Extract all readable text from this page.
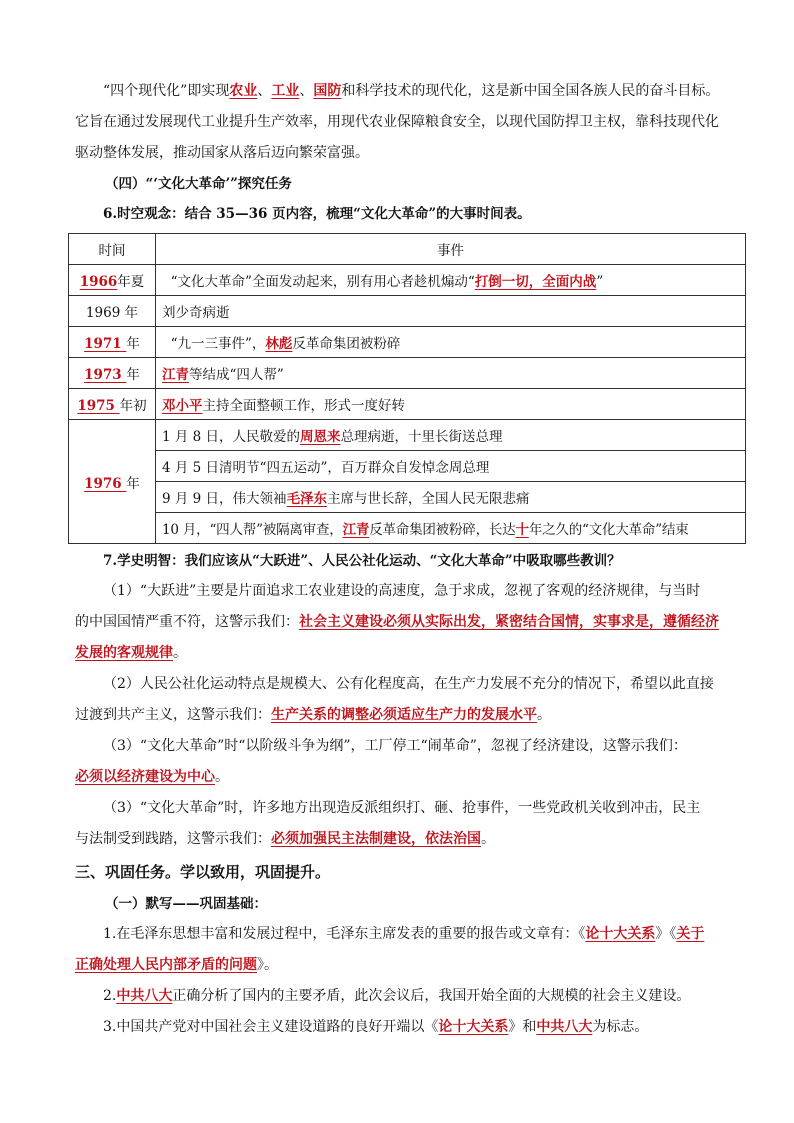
“四个现代化”即实现农业、工业、国防和科学技术的现代化，这是新中国全国各族人民的奋斗目标。

它旨在通过发展现代工业提升生产效率，用现代农业保障粮食安全，以现代国防捍卫主权，靠科技现代化

驱动整体发展，推动国家从落后迈向繁荣富强。

（四）“‘文化大革命’”探究任务

6.时空观念：结合 35—36 页内容，梳理“文化大革命”的大事时间表。

时间	事件
1966年夏	“文化大革命”全面发动起来，别有用心者趁机煽动“打倒一切，全面内战”
1969 年	刘少奇病逝
1971 年	“九一三事件”，林彪反革命集团被粉碎
1973 年	江青等结成“四人帮”
1975 年初	邓小平主持全面整顿工作，形式一度好转
1976 年	1 月 8 日，人民敬爱的周恩来总理病逝，十里长街送总理
	4 月 5 日清明节“四五运动”，百万群众自发悼念周总理
	9 月 9 日，伟大领袖毛泽东主席与世长辞，全国人民无限悲痛
	10 月，“四人帮”被隔离审查，江青反革命集团被粉碎，长达十年之久的“文化大革命”结束

7.学史明智：我们应该从“大跃进”、人民公社化运动、“文化大革命”中吸取哪些教训？

（1）“大跃进”主要是片面追求工农业建设的高速度，急于求成，忽视了客观的经济规律，与当时

的中国国情严重不符，这警示我们：社会主义建设必须从实际出发，紧密结合国情，实事求是，遵循经济

发展的客观规律。

（2）人民公社化运动特点是规模大、公有化程度高，在生产力发展不充分的情况下，希望以此直接

过渡到共产主义，这警示我们：生产关系的调整必须适应生产力的发展水平。

（3）“文化大革命”时“以阶级斗争为纲”，工厂停工“闹革命”，忽视了经济建设，这警示我们：

必须以经济建设为中心。

（3）“文化大革命”时，许多地方出现造反派组织打、砸、抢事件，一些党政机关收到冲击，民主

与法制受到践踏，这警示我们：必须加强民主法制建设，依法治国。

三、巩固任务。学以致用，巩固提升。

（一）默写——巩固基础：

1.在毛泽东思想丰富和发展过程中，毛泽东主席发表的重要的报告或文章有：《论十大关系》《关于

正确处理人民内部矛盾的问题》。

2.中共八大正确分析了国内的主要矛盾，此次会议后，我国开始全面的大规模的社会主义建设。

3.中国共产党对中国社会主义建设道路的良好开端以《论十大关系》和中共八大为标志。
